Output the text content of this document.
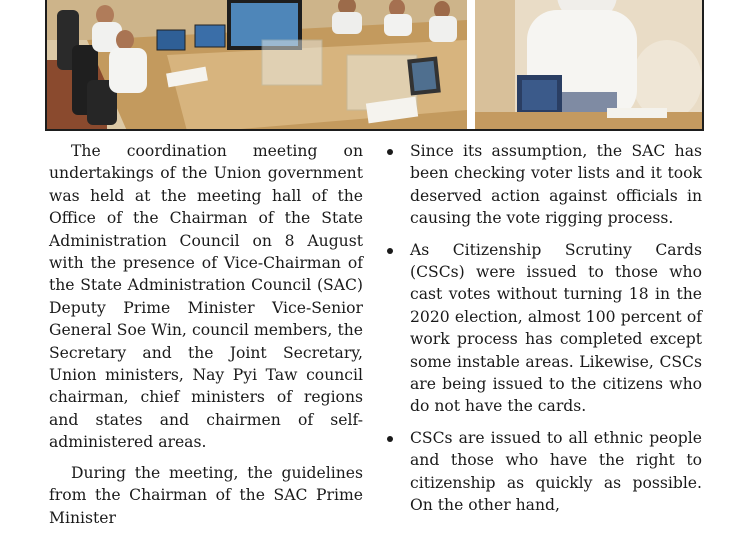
The coordination meeting on undertakings of the Union government was held at the meeting hall of the Office of the Chairman of the State Administration Council on 8 August with the presence of Vice-Chairman of the State Administration Council (SAC) Deputy Prime Minister Vice-Senior General Soe Win, council members, the Secretary and the Joint Secretary, Union ministers, Nay Pyi Taw council chairman, chief ministers of regions and states and chairmen of self-administered areas.

During the meeting, the guidelines from the Chairman of the SAC Prime Minister

Since its assumption, the SAC has been checking voter lists and it took deserved action against officials in causing the vote rigging process.
As Citizenship Scrutiny Cards (CSCs) were issued to those who cast votes without turning 18 in the 2020 election, almost 100 percent of work process has completed except some instable areas. Likewise, CSCs are being issued to the citizens who do not have the cards.
CSCs are issued to all ethnic people and those who have the right to citizenship as quickly as possible. On the other hand,
